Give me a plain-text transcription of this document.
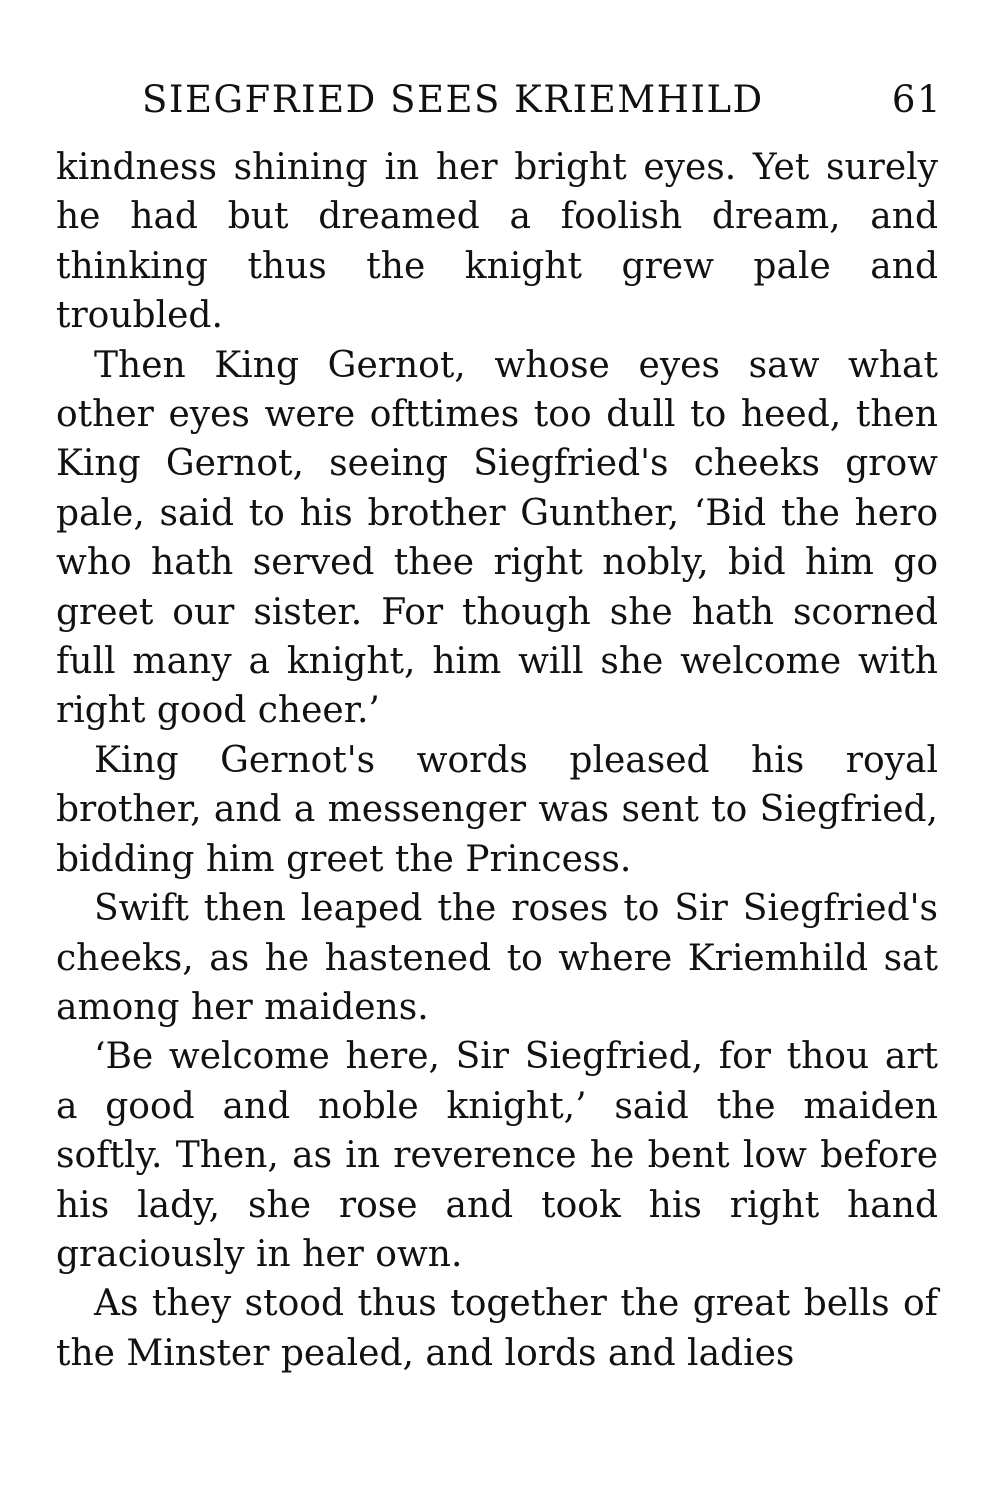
SIEGFRIED SEES KRIEMHILD	61

kindness shining in her bright eyes. Yet surely he had but dreamed a foolish dream, and thinking thus the knight grew pale and troubled.

Then King Gernot, whose eyes saw what other eyes were ofttimes too dull to heed, then King Gernot, seeing Siegfried's cheeks grow pale, said to his brother Gunther, ‘Bid the hero who hath served thee right nobly, bid him go greet our sister. For though she hath scorned full many a knight, him will she welcome with right good cheer.’

King Gernot's words pleased his royal brother, and a messenger was sent to Siegfried, bidding him greet the Princess.

Swift then leaped the roses to Sir Siegfried's cheeks, as he hastened to where Kriemhild sat among her maidens.

‘Be welcome here, Sir Siegfried, for thou art a good and noble knight,’ said the maiden softly. Then, as in reverence he bent low before his lady, she rose and took his right hand graciously in her own.

As they stood thus together the great bells of the Minster pealed, and lords and ladies
